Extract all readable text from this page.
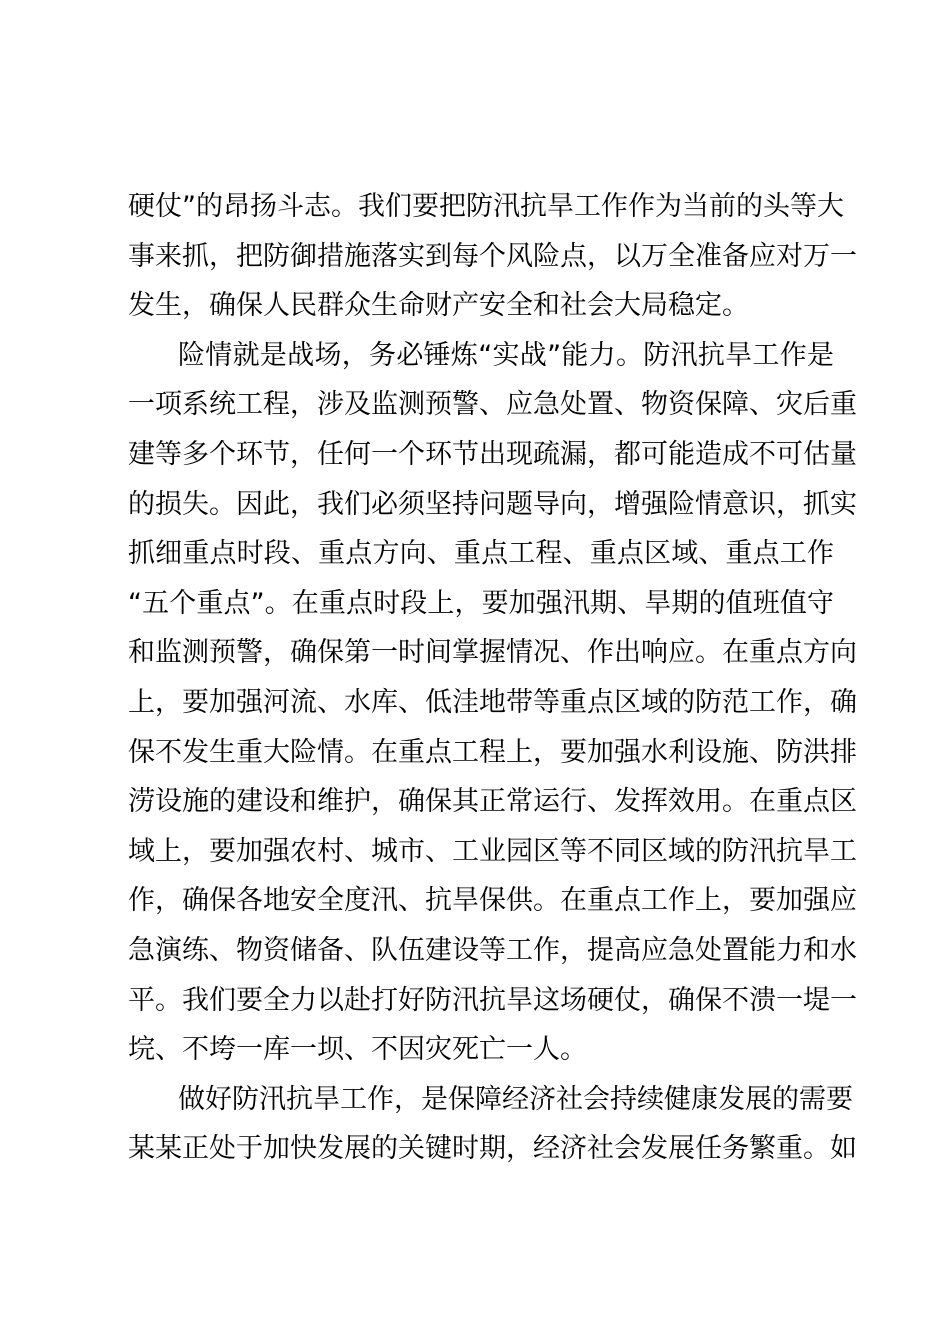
硬仗”的昂扬斗志。我们要把防汛抗旱工作作为当前的头等大
事来抓，把防御措施落实到每个风险点，以万全准备应对万一
发生，确保人民群众生命财产安全和社会大局稳定。
险情就是战场，务必锤炼“实战”能力。防汛抗旱工作是
一项系统工程，涉及监测预警、应急处置、物资保障、灾后重
建等多个环节，任何一个环节出现疏漏，都可能造成不可估量
的损失。因此，我们必须坚持问题导向，增强险情意识，抓实
抓细重点时段、重点方向、重点工程、重点区域、重点工作
“五个重点”。在重点时段上，要加强汛期、旱期的值班值守
和监测预警，确保第一时间掌握情况、作出响应。在重点方向
上，要加强河流、水库、低洼地带等重点区域的防范工作，确
保不发生重大险情。在重点工程上，要加强水利设施、防洪排
涝设施的建设和维护，确保其正常运行、发挥效用。在重点区
域上，要加强农村、城市、工业园区等不同区域的防汛抗旱工
作，确保各地安全度汛、抗旱保供。在重点工作上，要加强应
急演练、物资储备、队伍建设等工作，提高应急处置能力和水
平。我们要全力以赴打好防汛抗旱这场硬仗，确保不溃一堤一
垸、不垮一库一坝、不因灾死亡一人。
做好防汛抗旱工作，是保障经济社会持续健康发展的需要
某某正处于加快发展的关键时期，经济社会发展任务繁重。如
